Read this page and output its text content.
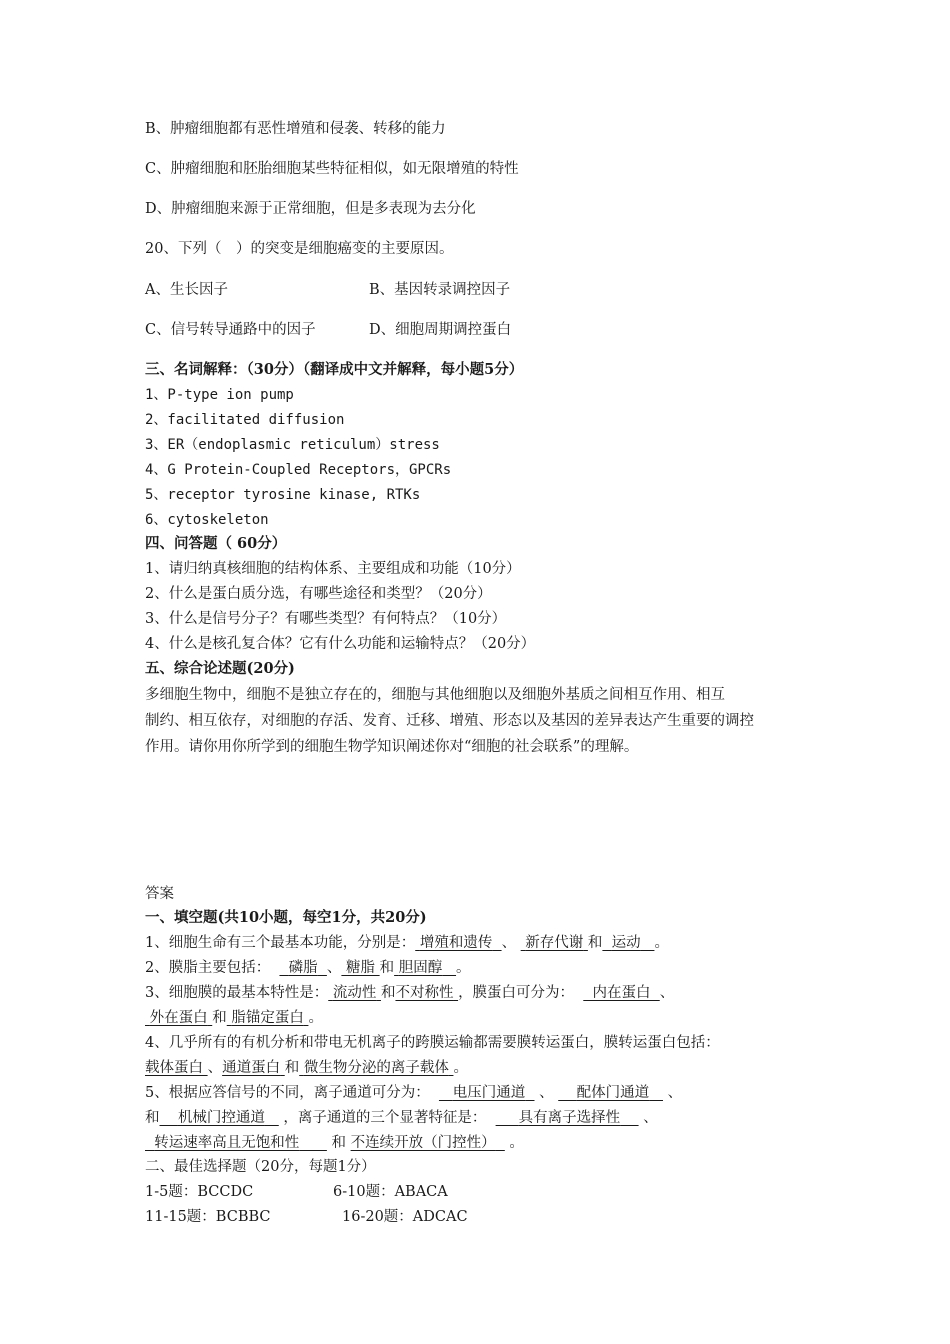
B、肿瘤细胞都有恶性增殖和侵袭、转移的能力
C、肿瘤细胞和胚胎细胞某些特征相似，如无限增殖的特性
D、肿瘤细胞来源于正常细胞，但是多表现为去分化
20、下列（　）的突变是细胞癌变的主要原因。
A、生长因子	B、基因转录调控因子
C、信号转导通路中的因子	D、细胞周期调控蛋白
三、名词解释：（30分）（翻译成中文并解释，每小题5分）
1、P-type ion pump
2、facilitated diffusion
3、ER（endoplasmic reticulum）stress
4、G Protein-Coupled Receptors，GPCRs
5、receptor tyrosine kinase, RTKs
6、cytoskeleton
四、问答题（ 60分）
1、请归纳真核细胞的结构体系、主要组成和功能（10分）
2、什么是蛋白质分选，有哪些途径和类型？（20分）
3、什么是信号分子？有哪些类型？有何特点？（10分）
4、什么是核孔复合体？它有什么功能和运输特点？（20分）
五、综合论述题(20分)
多细胞生物中，细胞不是独立存在的，细胞与其他细胞以及细胞外基质之间相互作用、相互
制约、相互依存，对细胞的存活、发育、迁移、增殖、形态以及基因的差异表达产生重要的调控
作用。请你用你所学到的细胞生物学知识阐述你对“细胞的社会联系”的理解。
答案
一、填空题(共10小题，每空1分，共20分)
1、细胞生命有三个最基本功能，分别是： 增殖和遗传 、 新存代谢 和 运动 。
2、膜脂主要包括： 磷脂 、 糖脂 和 胆固醇 。
3、细胞膜的最基本特性是： 流动性 和不对称性 ，膜蛋白可分为： 内在蛋白 、
外在蛋白 和 脂锚定蛋白 。
4、几乎所有的有机分析和带电无机离子的跨膜运输都需要膜转运蛋白，膜转运蛋白包括：
载体蛋白 、通道蛋白 和 微生物分泌的离子载体 。
5、根据应答信号的不同，离子通道可分为： 电压门通道 、 配体门通道 、
和 机械门控通道 ，离子通道的三个显著特征是： 具有离子选择性 、
转运速率高且无饱和性 和 不连续开放（门控性） 。
二、最佳选择题（20分，每题1分）
1-5题：BCCDC	6-10题：ABACA
11-15题：BCBBC	16-20题：ADCAC
